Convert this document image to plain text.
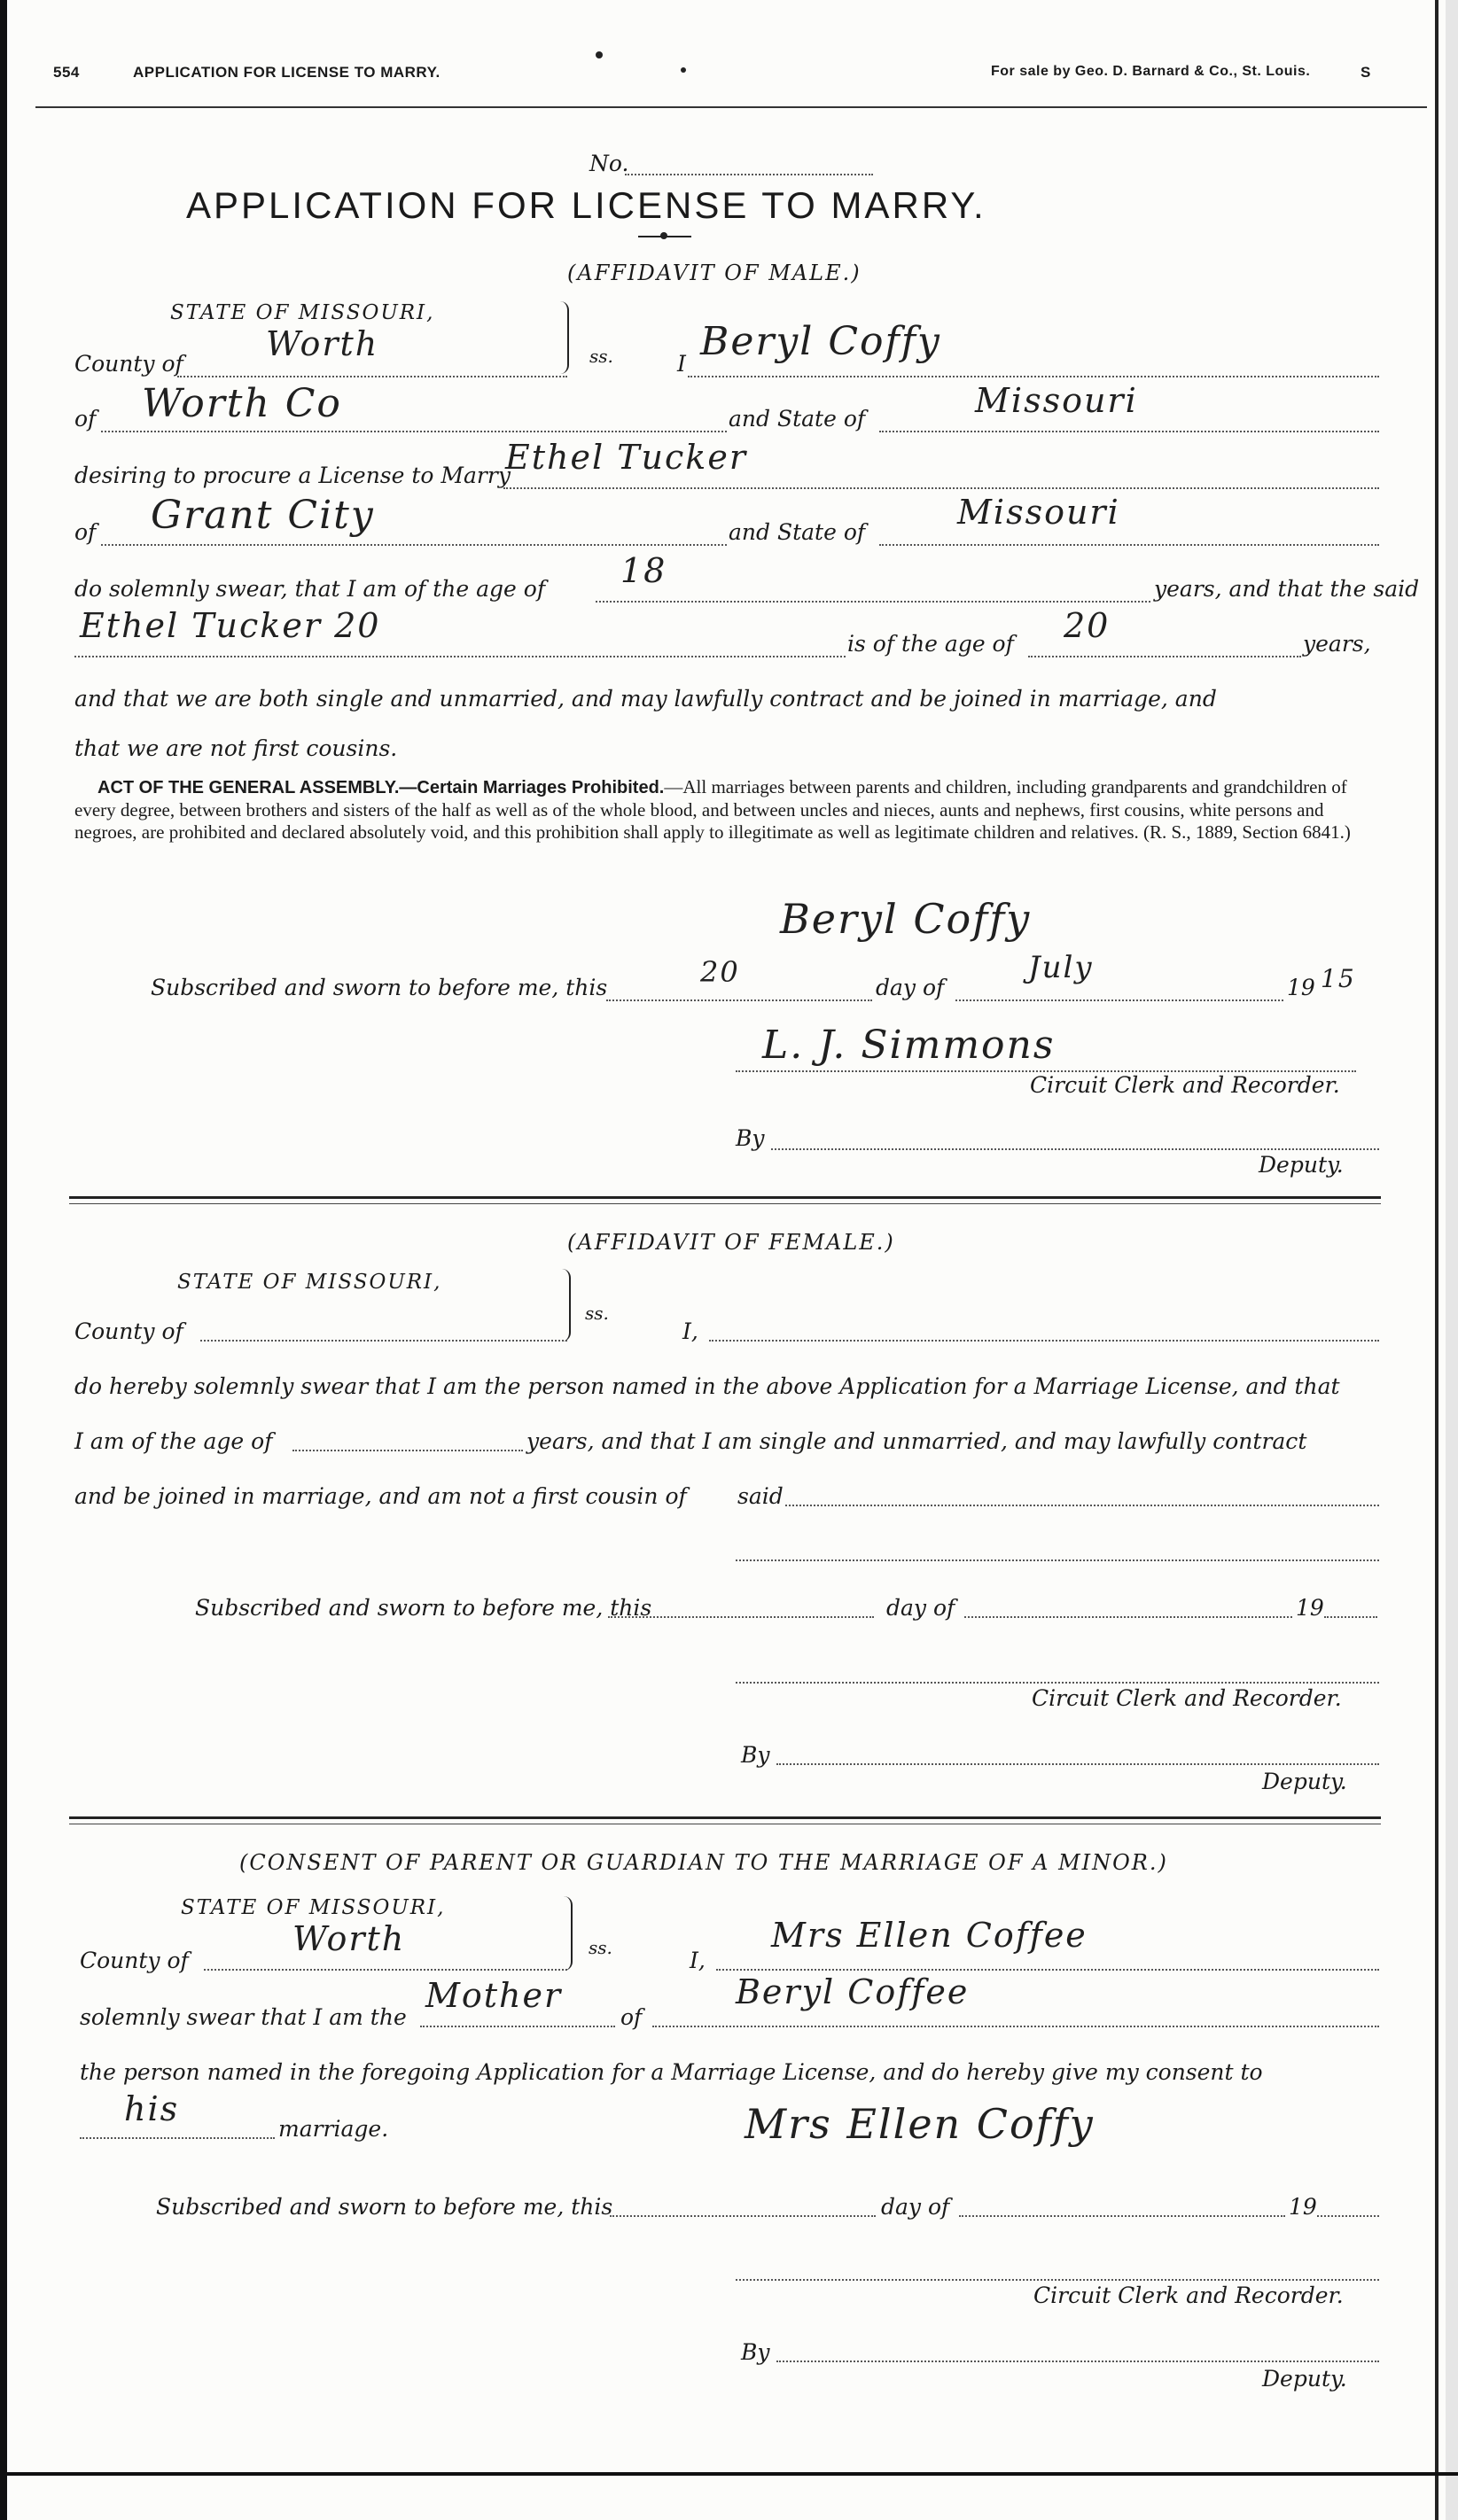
554	APPLICATION FOR LICENSE TO MARRY.	For sale by Geo. D. Barnard & Co., St. Louis.	S
No.
APPLICATION FOR LICENSE TO MARRY.
(AFFIDAVIT OF MALE.)
STATE OF MISSOURI,
ss.
County of
Worth
I Beryl Coffy
of Worth Co	and State of	Missouri
desiring to procure a License to Marry
Ethel Tucker
of Grant City	and State of
Missouri
do solemnly swear, that I am of the age of 18	years, and that the said
Ethel Tucker 20	is of the age of 20	years,
and that we are both single and unmarried, and may lawfully contract and be joined in marriage, and
that we are not first cousins.
ACT OF THE GENERAL ASSEMBLY.—Certain Marriages Prohibited.—All marriages between parents and children, including grandparents and grandchildren of every degree, between brothers and sisters of the half as well as of the whole blood, and between uncles and nieces, aunts and nephews, first cousins, white persons and negroes, are prohibited and declared absolutely void, and this prohibition shall apply to illegitimate as well as legitimate children and relatives. (R. S., 1889, Section 6841.)
Beryl Coffy
Subscribed and sworn to before me, this	20	day of
July
19 15
L. J. Simmons
Circuit Clerk and Recorder.
By
Deputy.
(AFFIDAVIT OF FEMALE.)
STATE OF MISSOURI,
ss.
County of	I,
do hereby solemnly swear that I am the person named in the above Application for a Marriage License, and that
I am of the age of	years, and that I am single and unmarried, and may lawfully contract
and be joined in marriage, and am not a first cousin of said
Subscribed and sworn to before me, this	day of	19
Circuit Clerk and Recorder.
By
Deputy.
(CONSENT OF PARENT OR GUARDIAN TO THE MARRIAGE OF A MINOR.)
STATE OF MISSOURI,
ss.
County of
Worth
I,
Mrs Ellen Coffee
solemnly swear that I am the
Mother
of
Beryl Coffee
the person named in the foregoing Application for a Marriage License, and do hereby give my consent to
his
marriage.	Mrs Ellen Coffy
Subscribed and sworn to before me, this	day of	19
Circuit Clerk and Recorder.
By
Deputy.
